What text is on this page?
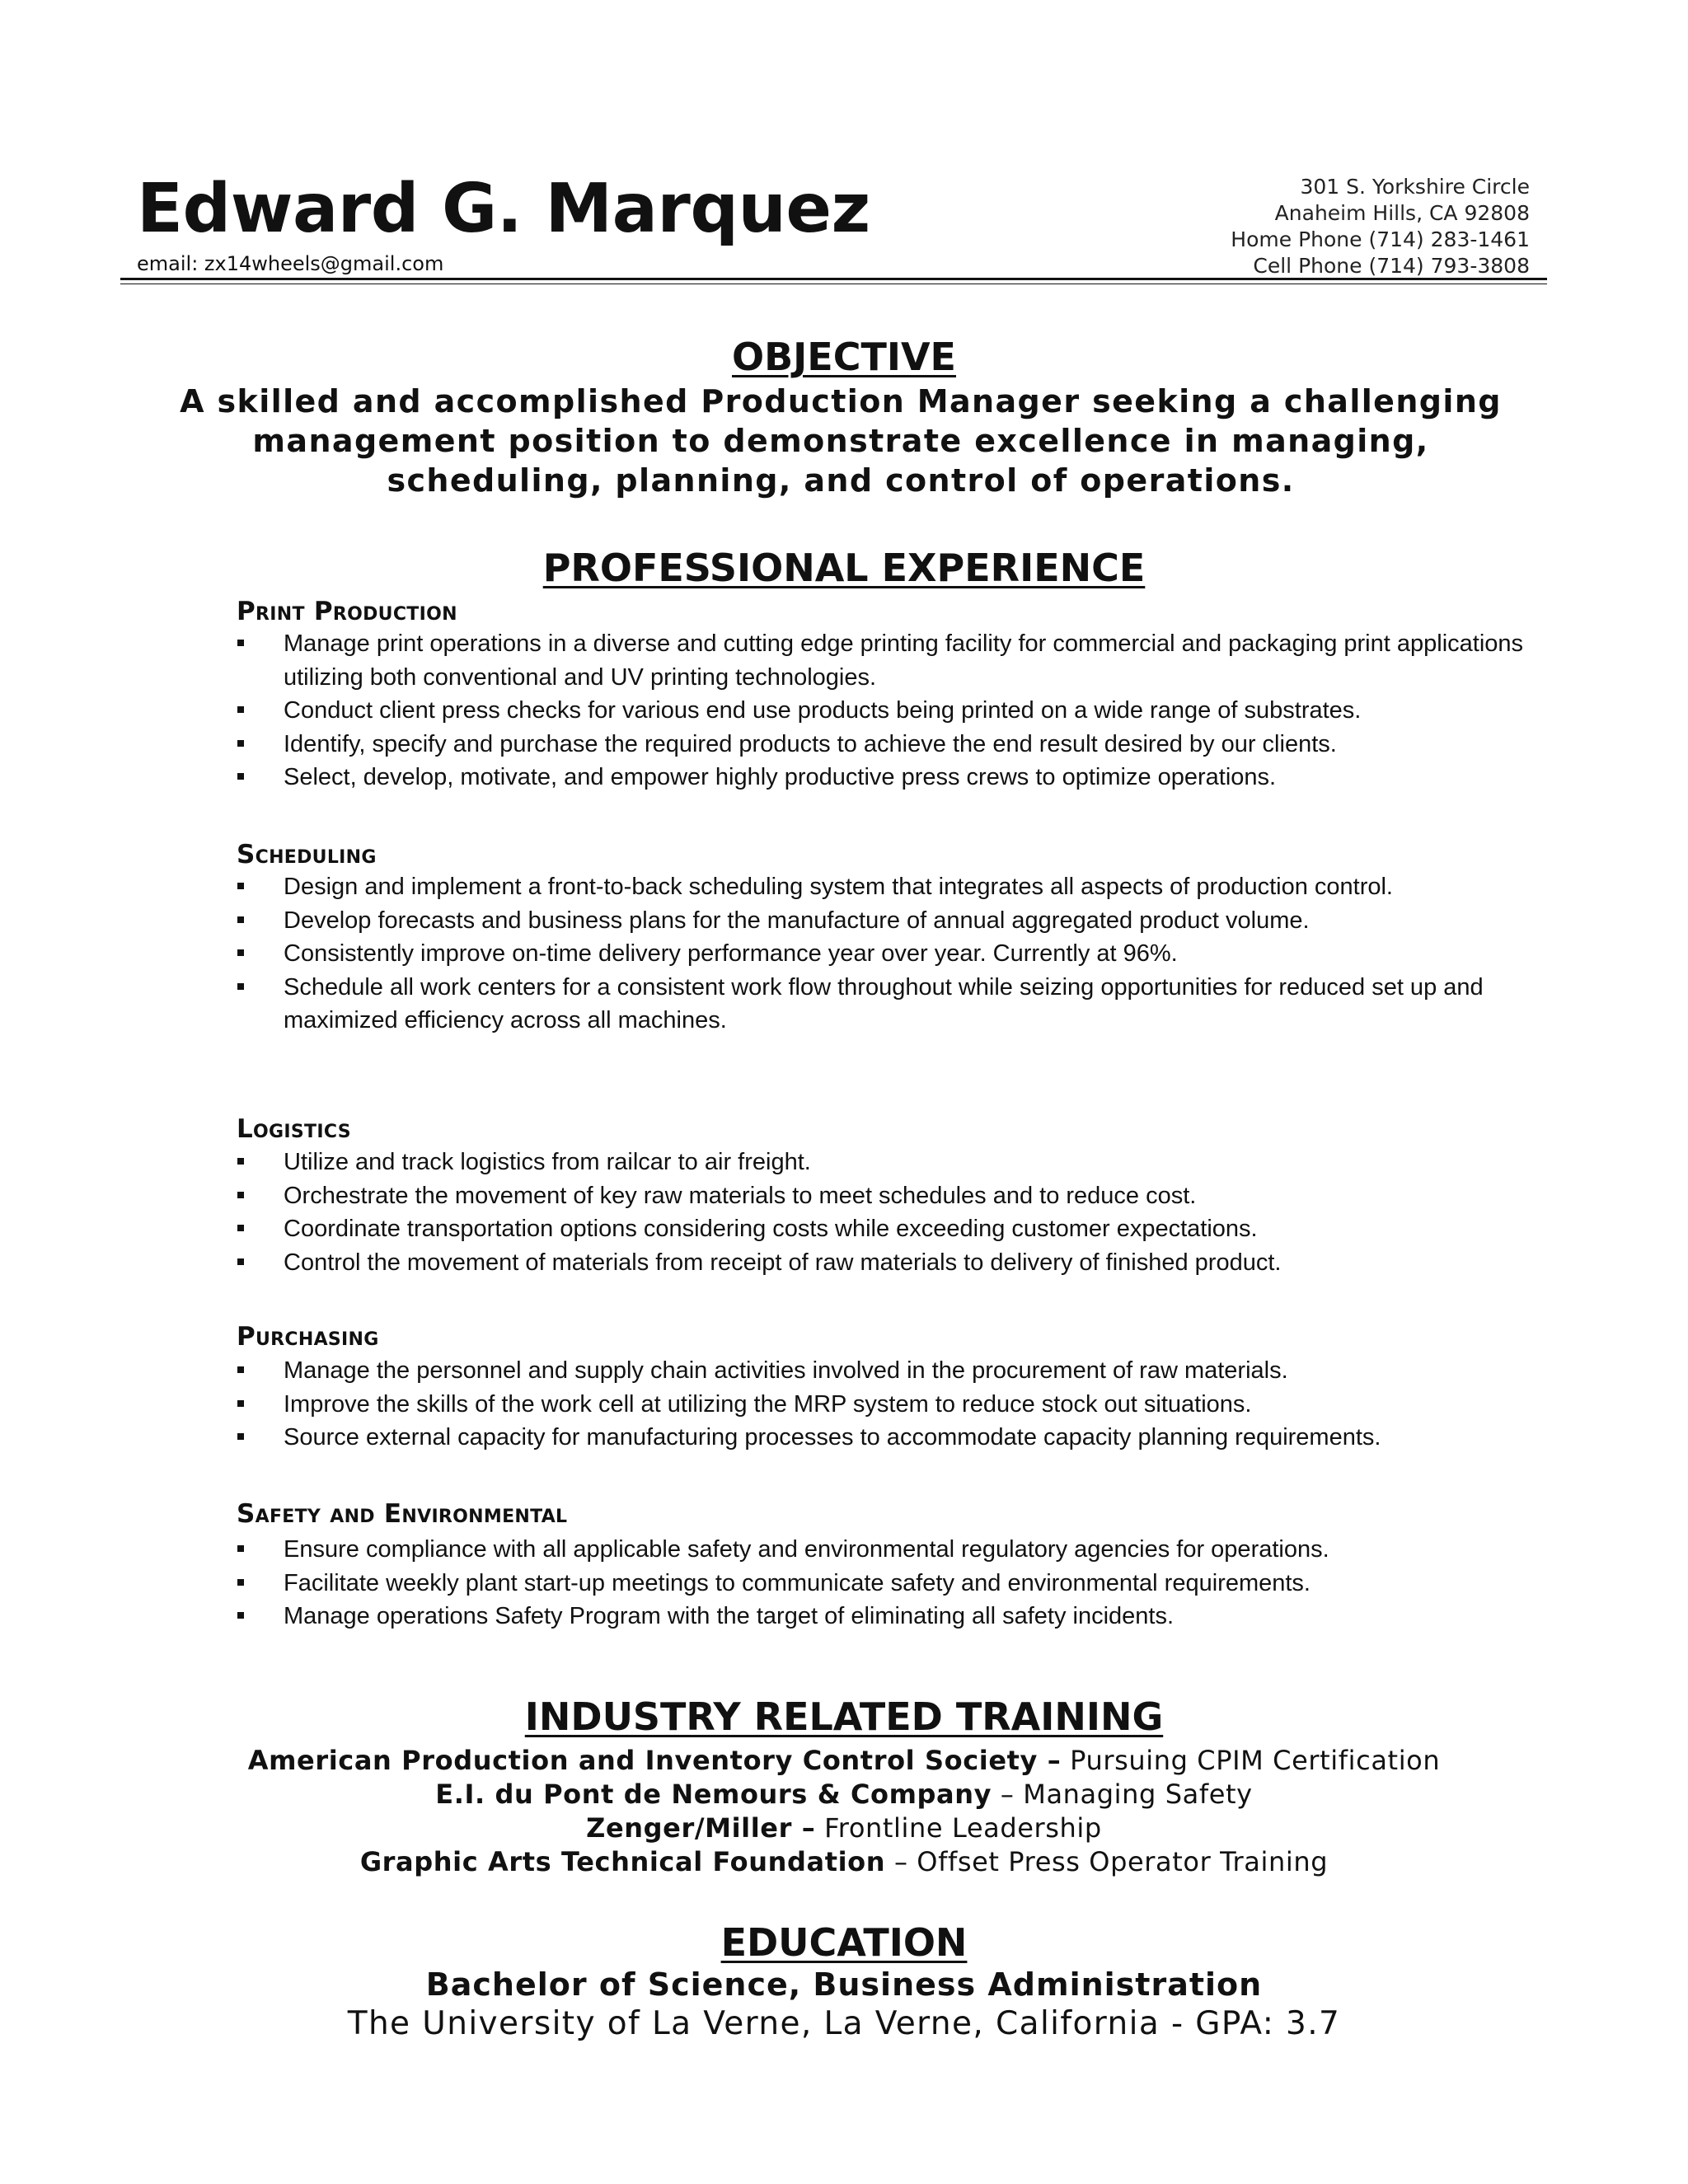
Edward G. Marquez
email: zx14wheels@gmail.com
301 S. Yorkshire Circle
Anaheim Hills, CA 92808
Home Phone (714) 283-1461
Cell Phone (714) 793-3808
OBJECTIVE
A skilled and accomplished Production Manager seeking a challenging
management position to demonstrate excellence in managing,
scheduling, planning, and control of operations.
PROFESSIONAL EXPERIENCE
Print Production
Manage print operations in a diverse and cutting edge printing facility for commercial and packaging print applications utilizing both conventional and UV printing technologies.
Conduct client press checks for various end use products being printed on a wide range of substrates.
Identify, specify and purchase the required products to achieve the end result desired by our clients.
Select, develop, motivate, and empower highly productive press crews to optimize operations.
Scheduling
Design and implement a front-to-back scheduling system that integrates all aspects of production control.
Develop forecasts and business plans for the manufacture of annual aggregated product volume.
Consistently improve on-time delivery performance year over year. Currently at 96%.
Schedule all work centers for a consistent work flow throughout while seizing opportunities for reduced set up and maximized efficiency across all machines.
Logistics
Utilize and track logistics from railcar to air freight.
Orchestrate the movement of key raw materials to meet schedules and to reduce cost.
Coordinate transportation options considering costs while exceeding customer expectations.
Control the movement of materials from receipt of raw materials to delivery of finished product.
Purchasing
Manage the personnel and supply chain activities involved in the procurement of raw materials.
Improve the skills of the work cell at utilizing the MRP system to reduce stock out situations.
Source external capacity for manufacturing processes to accommodate capacity planning requirements.
Safety and Environmental
Ensure compliance with all applicable safety and environmental regulatory agencies for operations.
Facilitate weekly plant start-up meetings to communicate safety and environmental requirements.
Manage operations Safety Program with the target of eliminating all safety incidents.
INDUSTRY RELATED TRAINING
American Production and Inventory Control Society – Pursuing CPIM Certification
E.I. du Pont de Nemours & Company – Managing Safety
Zenger/Miller – Frontline Leadership
Graphic Arts Technical Foundation – Offset Press Operator Training
EDUCATION
Bachelor of Science, Business Administration
The University of La Verne, La Verne, California - GPA: 3.7
